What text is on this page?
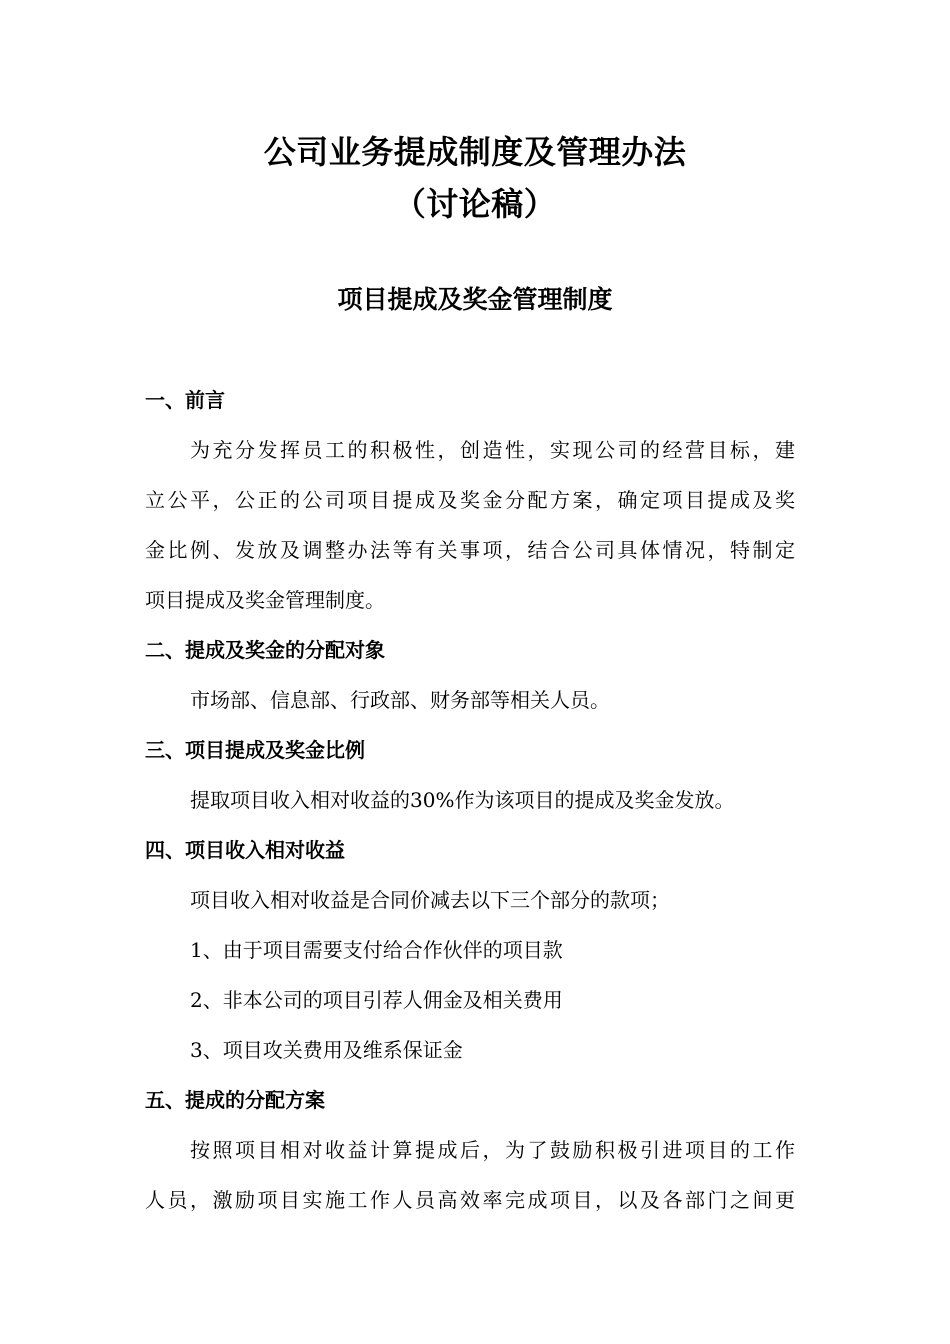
公司业务提成制度及管理办法
（讨论稿）
项目提成及奖金管理制度
一、前言
为充分发挥员工的积极性，创造性，实现公司的经营目标，建
立公平，公正的公司项目提成及奖金分配方案，确定项目提成及奖
金比例、发放及调整办法等有关事项，结合公司具体情况，特制定
项目提成及奖金管理制度。
二、提成及奖金的分配对象
市场部、信息部、行政部、财务部等相关人员。
三、项目提成及奖金比例
提取项目收入相对收益的30%作为该项目的提成及奖金发放。
四、项目收入相对收益
项目收入相对收益是合同价减去以下三个部分的款项；
1、由于项目需要支付给合作伙伴的项目款
2、非本公司的项目引荐人佣金及相关费用
3、项目攻关费用及维系保证金
五、提成的分配方案
按照项目相对收益计算提成后，为了鼓励积极引进项目的工作
人员，激励项目实施工作人员高效率完成项目，以及各部门之间更
